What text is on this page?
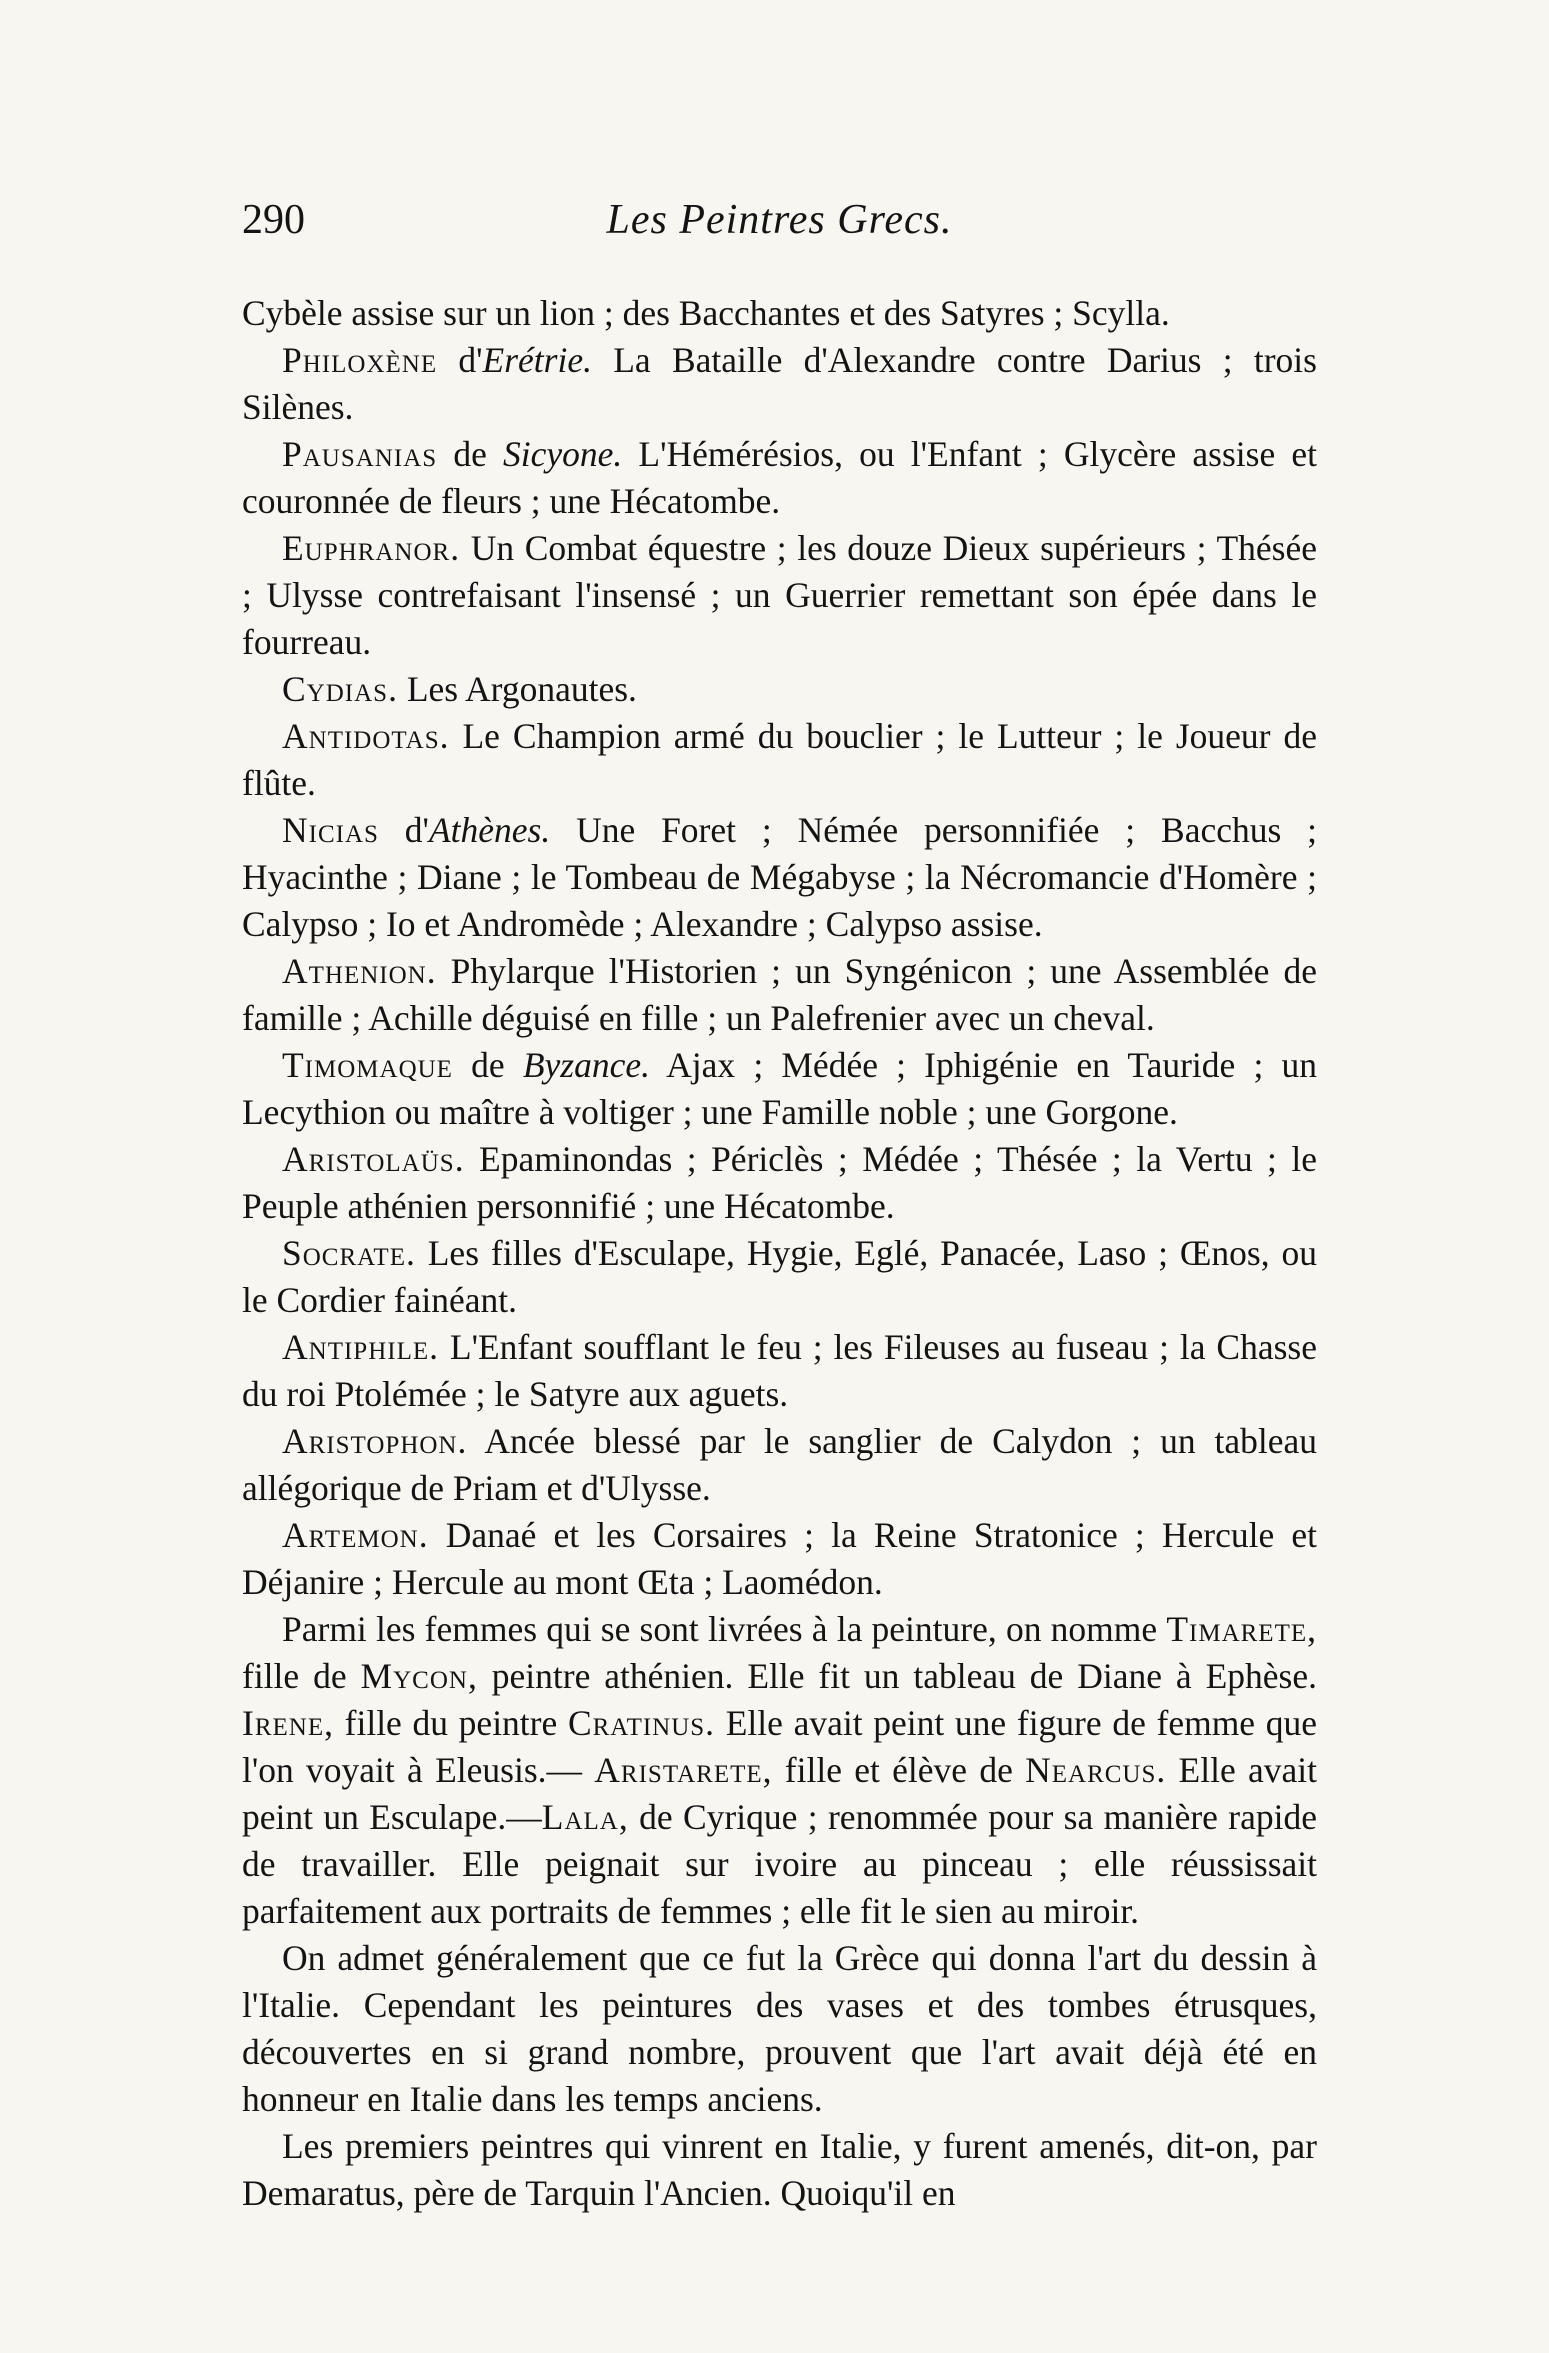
290	Les Peintres Grecs.

Cybèle assise sur un lion ; des Bacchantes et des Satyres ; Scylla.

Philoxène d'Erétrie. La Bataille d'Alexandre contre Darius ; trois Silènes.

Pausanias de Sicyone. L'Hémérésios, ou l'Enfant ; Glycère assise et couronnée de fleurs ; une Hécatombe.

Euphranor. Un Combat équestre ; les douze Dieux supérieurs ; Thésée ; Ulysse contrefaisant l'insensé ; un Guerrier remettant son épée dans le fourreau.

Cydias. Les Argonautes.

Antidotas. Le Champion armé du bouclier ; le Lutteur ; le Joueur de flûte.

Nicias d'Athènes. Une Foret ; Némée personnifiée ; Bacchus ; Hyacinthe ; Diane ; le Tombeau de Mégabyse ; la Nécromancie d'Homère ; Calypso ; Io et Andromède ; Alexandre ; Calypso assise.

Athenion. Phylarque l'Historien ; un Syngénicon ; une Assemblée de famille ; Achille déguisé en fille ; un Palefrenier avec un cheval.

Timomaque de Byzance. Ajax ; Médée ; Iphigénie en Tauride ; un Lecythion ou maître à voltiger ; une Famille noble ; une Gorgone.

Aristolaüs. Epaminondas ; Périclès ; Médée ; Thésée ; la Vertu ; le Peuple athénien personnifié ; une Hécatombe.

Socrate. Les filles d'Esculape, Hygie, Eglé, Panacée, Laso ; Œnos, ou le Cordier fainéant.

Antiphile. L'Enfant soufflant le feu ; les Fileuses au fuseau ; la Chasse du roi Ptolémée ; le Satyre aux aguets.

Aristophon. Ancée blessé par le sanglier de Calydon ; un tableau allégorique de Priam et d'Ulysse.

Artemon. Danaé et les Corsaires ; la Reine Stratonice ; Hercule et Déjanire ; Hercule au mont Œta ; Laomédon.

Parmi les femmes qui se sont livrées à la peinture, on nomme Timarete, fille de Mycon, peintre athénien. Elle fit un tableau de Diane à Ephèse. Irene, fille du peintre Cratinus. Elle avait peint une figure de femme que l'on voyait à Eleusis.— Aristarete, fille et élève de Nearcus. Elle avait peint un Esculape.—Lala, de Cyrique ; renommée pour sa manière rapide de travailler. Elle peignait sur ivoire au pinceau ; elle réussissait parfaitement aux portraits de femmes ; elle fit le sien au miroir.

On admet généralement que ce fut la Grèce qui donna l'art du dessin à l'Italie. Cependant les peintures des vases et des tombes étrusques, découvertes en si grand nombre, prouvent que l'art avait déjà été en honneur en Italie dans les temps anciens.

Les premiers peintres qui vinrent en Italie, y furent amenés, dit-on, par Demaratus, père de Tarquin l'Ancien. Quoiqu'il en
